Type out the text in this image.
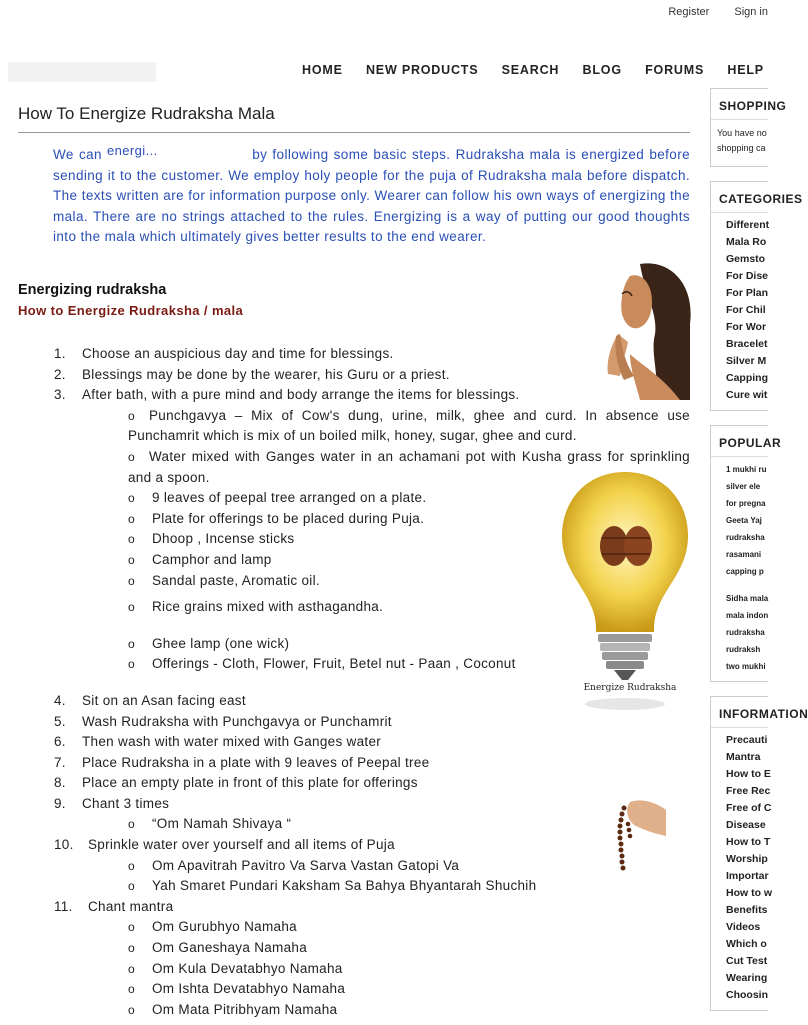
Register Sign in
HOME NEW PRODUCTS SEARCH BLOG FORUMS HELP
How To Energize Rudraksha Mala

We can energi...	by following some basic steps. Rudraksha mala is energized before sending it to the customer. We employ holy people for the puja of Rudraksha mala before dispatch. The texts written are for information purpose only. Wearer can follow his own ways of energizing the mala. There are no strings attached to the rules. Energizing is a way of putting our good thoughts into the mala which ultimately gives better results to the end wearer.

Energizing rudraksha
How to Energize Rudraksha / mala
1. Choose an auspicious day and time for blessings.
2. Blessings may be done by the wearer, his Guru or a priest.
3. After bath, with a pure mind and body arrange the items for blessings.
o Punchgavya – Mix of Cow's dung, urine, milk, ghee and curd. In absence use Punchamrit which is mix of un boiled milk, honey, sugar, ghee and curd.
o Water mixed with Ganges water in an achamani pot with Kusha grass for sprinkling and a spoon.
o	9 leaves of peepal tree arranged on a plate.
o	Plate for offerings to be placed during Puja.
o	Dhoop , Incense sticks
o	Camphor and lamp
o	Sandal paste, Aromatic oil.
o	Rice grains mixed with asthagandha.
o	Ghee lamp (one wick)
o	Offerings - Cloth, Flower, Fruit, Betel nut - Paan , Coconut
4. Sit on an Asan facing east
5. Wash Rudraksha with Punchgavya or Punchamrit
6. Then wash with water mixed with Ganges water
7. Place Rudraksha in a plate with 9 leaves of Peepal tree
8. Place an empty plate in front of this plate for offerings
9. Chant 3 times
o	“Om Namah Shivaya “
10. Sprinkle water over yourself and all items of Puja
o	Om Apavitrah Pavitro Va Sarva Vastan Gatopi Va
o	Yah Smaret Pundari Kaksham Sa Bahya Bhyantarah Shuchih
11. Chant mantra
o	Om Gurubhyo Namaha
o	Om Ganeshaya Namaha
o	Om Kula Devatabhyo Namaha
o	Om Ishta Devatabhyo Namaha
o	Om Mata Pitribhyam Namaha
Energize Rudraksha
SHOPPING
You have no
shopping ca
CATEGORIES
Different
Mala Ro
Gemsto
For Dise
For Plan
For Chil
For Wor
Bracelet
Silver M
Capping
Cure wit
POPULAR
1 mukhi ru
silver ele
for pregna
Geeta Yaj
rudraksha
rasamani
capping p
Sidha mala
mala indon
rudraksha
rudraksh
two mukhi
INFORMATION
Precauti
Mantra
How to E
Free Rec
Free of C
Disease
How to T
Worship
Importar
How to w
Benefits
Videos
Which o
Cut Test
Wearing
Choosin
